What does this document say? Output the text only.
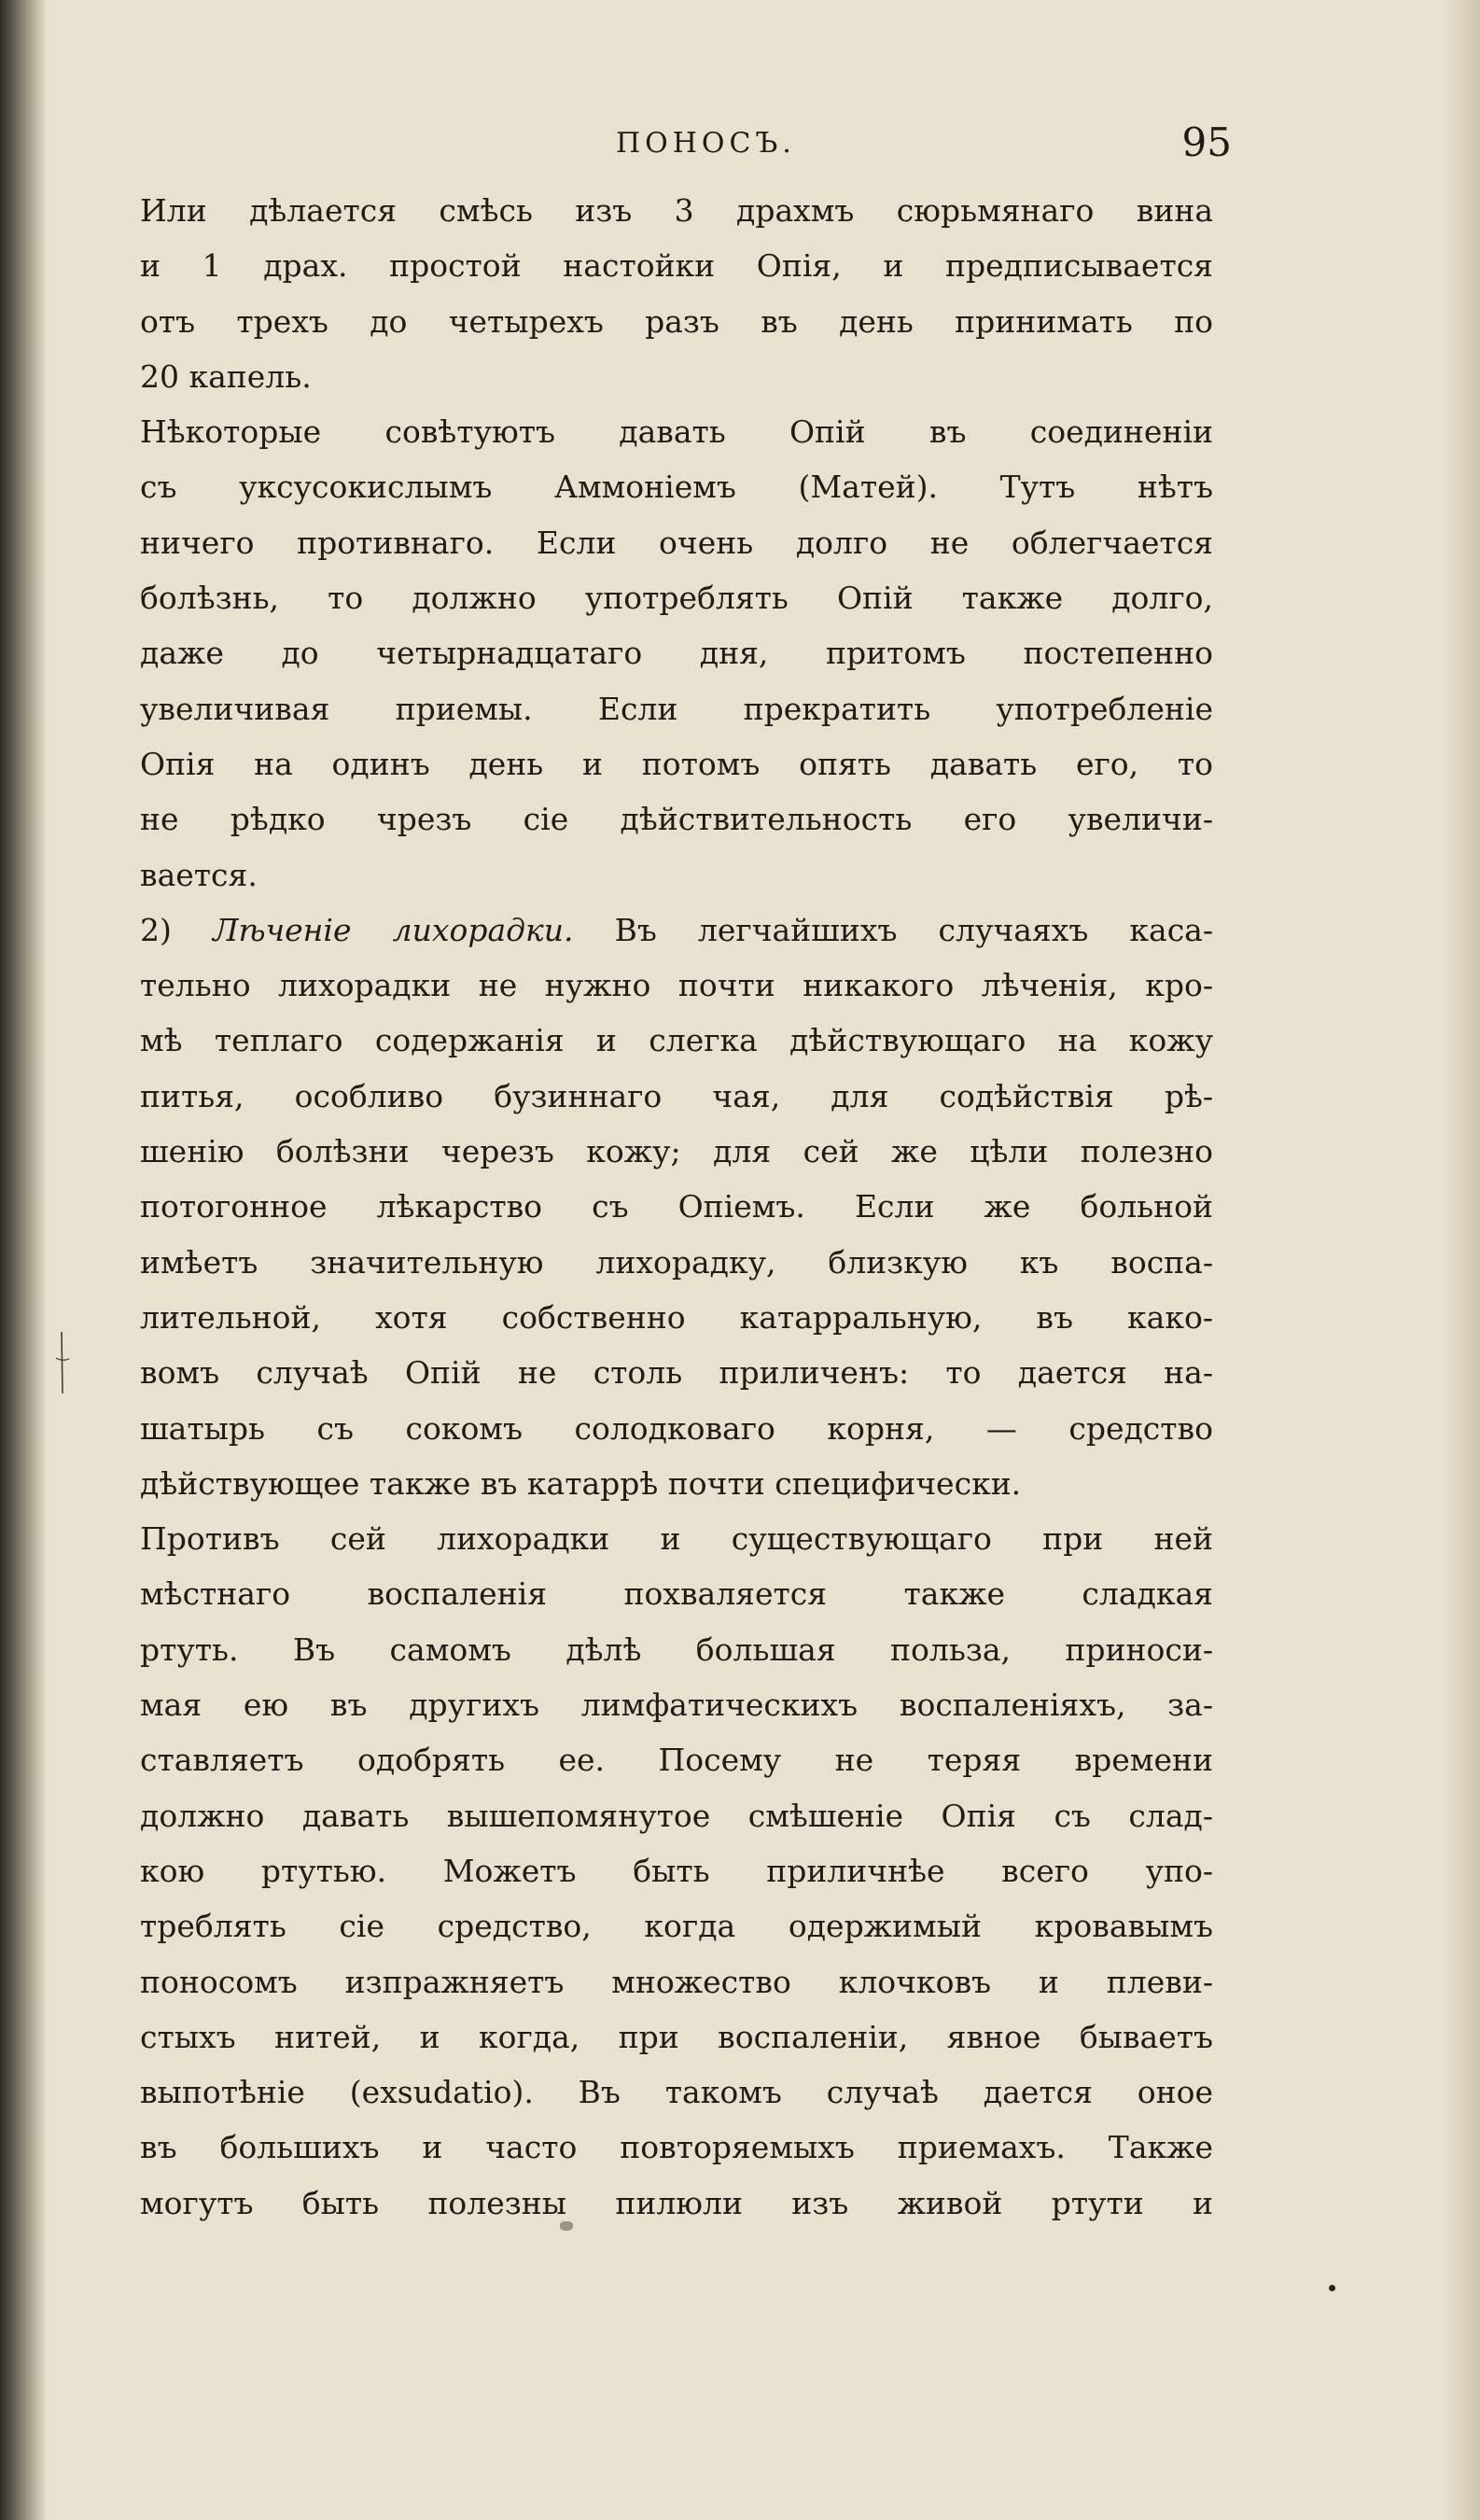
ПОНОСЪ.	95
Или дѣлается смѣсь изъ 3 драхмъ сюрьмянаго вина
и 1 драх. простой настойки Опія, и предписывается
отъ трехъ до четырехъ разъ въ день принимать по
20 капель.
Нѣкоторые совѣтуютъ давать Опій въ соединеніи
съ уксусокислымъ Аммоніемъ (Матей). Тутъ нѣтъ
ничего противнаго. Если очень долго не облегчается
болѣзнь, то должно употреблять Опій также долго,
даже до четырнадцатаго дня, притомъ постепенно
увеличивая приемы. Если прекратить употребленіе
Опія на одинъ день и потомъ опять давать его, то
не рѣдко чрезъ сіе дѣйствительность его увеличи-
вается.
2) Лѣченіе лихорадки. Въ легчайшихъ случаяхъ каса-
тельно лихорадки не нужно почти никакого лѣченія, кро-
мѣ теплаго содержанія и слегка дѣйствующаго на кожу
питья, особливо бузиннаго чая, для содѣйствія рѣ-
шенію болѣзни черезъ кожу; для сей же цѣли полезно
потогонное лѣкарство съ Опіемъ. Если же больной
имѣетъ значительную лихорадку, близкую къ воспа-
лительной, хотя собственно катарральную, въ како-
вомъ случаѣ Опій не столь приличенъ: то дается на-
шатырь съ сокомъ солодковаго корня, — средство
дѣйствующее также въ катаррѣ почти специфически.
Противъ сей лихорадки и существующаго при ней
мѣстнаго воспаленія похваляется также сладкая
ртуть. Въ самомъ дѣлѣ большая польза, приноси-
мая ею въ другихъ лимфатическихъ воспаленіяхъ, за-
ставляетъ одобрять ее. Посему не теряя времени
должно давать вышепомянутое смѣшеніе Опія съ слад-
кою ртутью. Можетъ быть приличнѣе всего упо-
треблять сіе средство, когда одержимый кровавымъ
поносомъ изпражняетъ множество клочковъ и плеви-
стыхъ нитей, и когда, при воспаленіи, явное бываетъ
выпотѣніе (exsudatio). Въ такомъ случаѣ дается оное
въ большихъ и часто повторяемыхъ приемахъ. Также
могутъ быть полезны пилюли изъ живой ртути и
